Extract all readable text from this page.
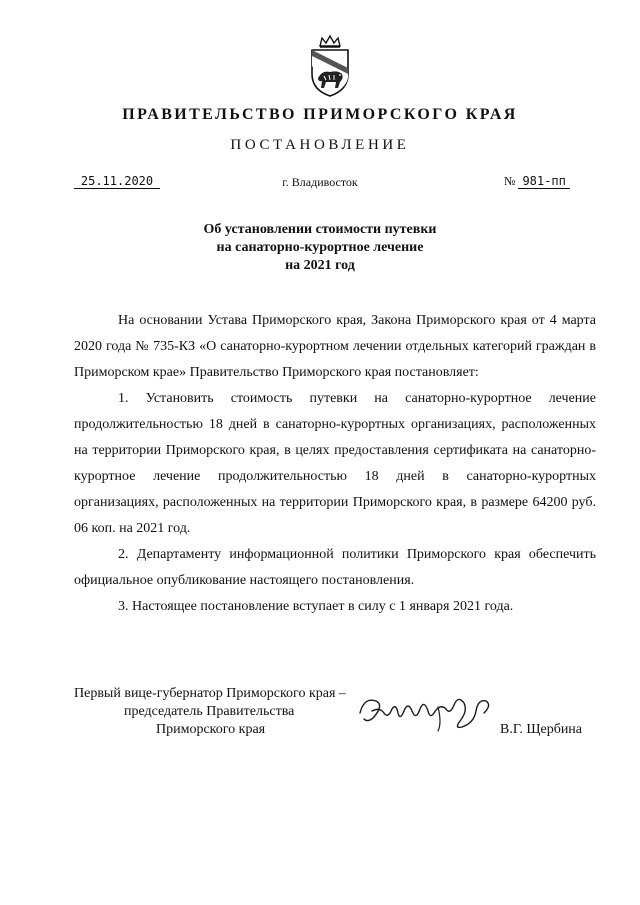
ПРАВИТЕЛЬСТВО ПРИМОРСКОГО КРАЯ
ПОСТАНОВЛЕНИЕ
25.11.2020	г. Владивосток	№ 981-пп
Об установлении стоимости путевки
на санаторно-курортное лечение
на 2021 год

На основании Устава Приморского края, Закона Приморского края от 4 марта 2020 года № 735-КЗ «О санаторно-курортном лечении отдельных категорий граждан в Приморском крае» Правительство Приморского края постановляет:

1. Установить стоимость путевки на санаторно-курортное лечение продолжительностью 18 дней в санаторно-курортных организациях, расположенных на территории Приморского края, в целях предоставления сертификата на санаторно-курортное лечение продолжительностью 18 дней в санаторно-курортных организациях, расположенных на территории Приморского края, в размере 64200 руб. 06 коп. на 2021 год.

2. Департаменту информационной политики Приморского края обеспечить официальное опубликование настоящего постановления.

3. Настоящее постановление вступает в силу с 1 января 2021 года.

Первый вице-губернатор Приморского края –
председатель Правительства
Приморского края	В.Г. Щербина
